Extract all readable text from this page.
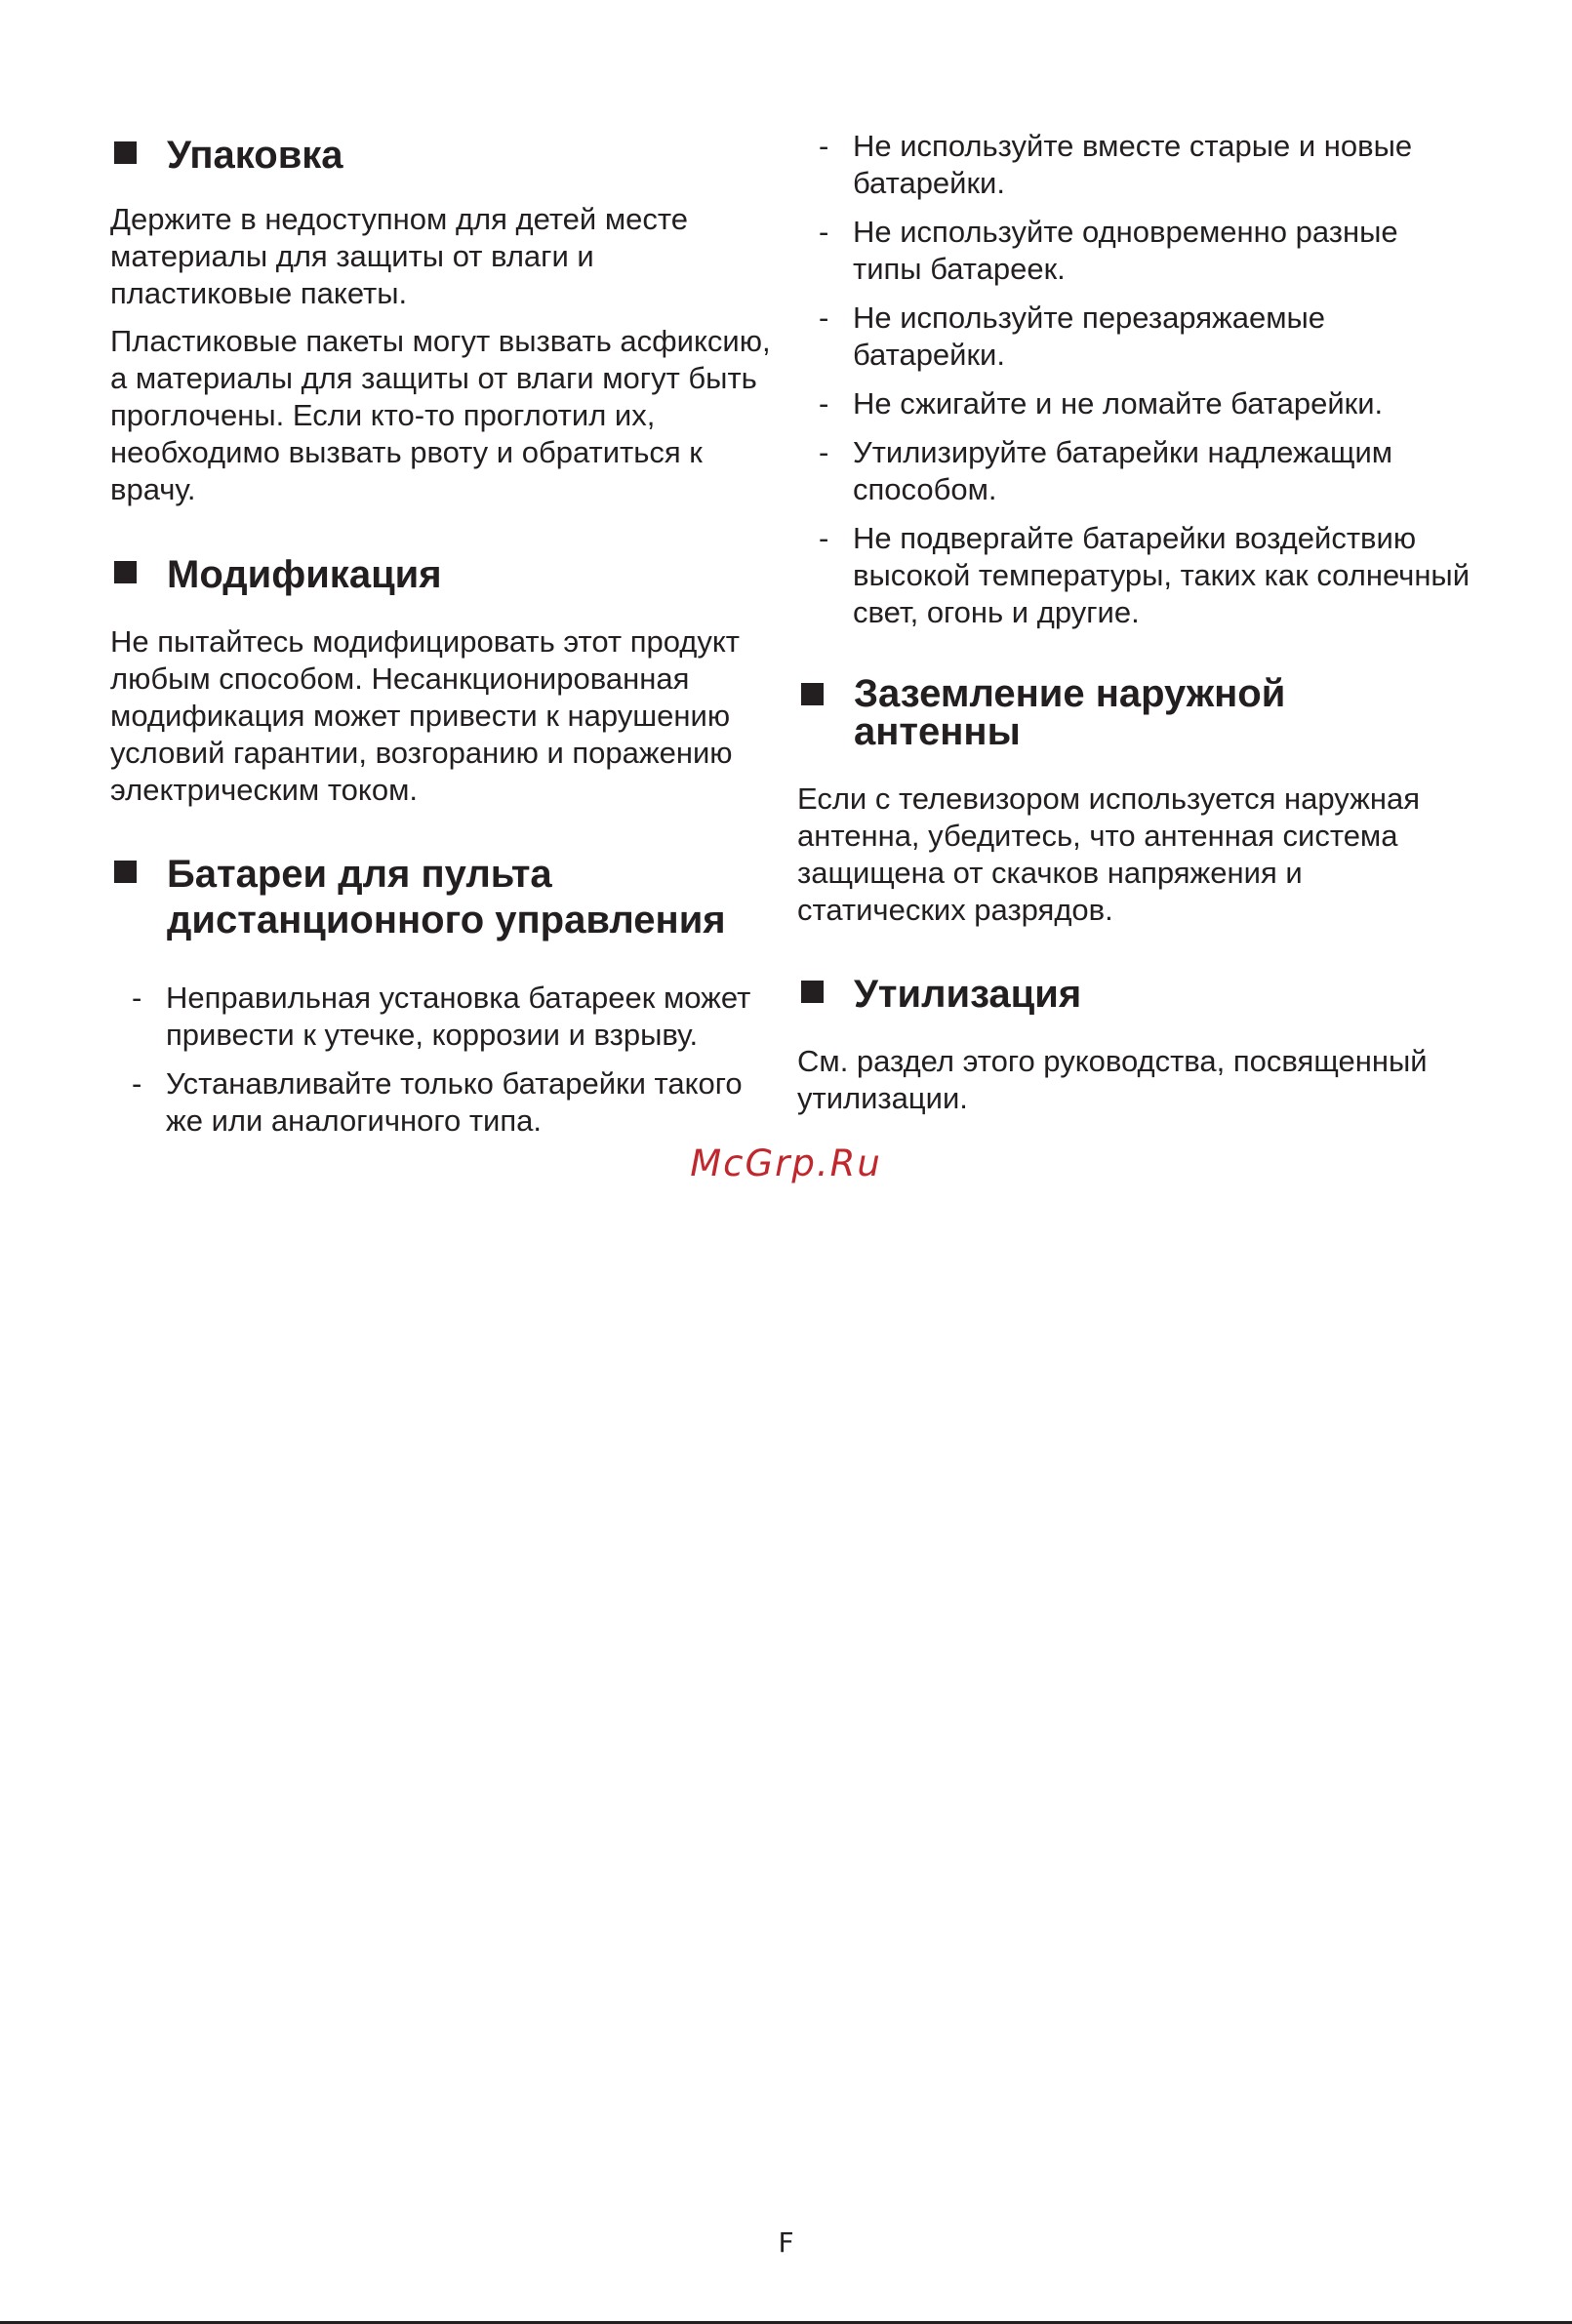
Упаковка

Держите в недоступном для детей месте материалы для защиты от влаги и пластиковые пакеты.

Пластиковые пакеты могут вызвать асфиксию, а материалы для защиты от влаги могут быть проглочены. Если кто-то проглотил их, необходимо вызвать рвоту и обратиться к врачу.

Модификация

Не пытайтесь модифицировать этот продукт любым способом. Несанкционированная модификация может привести к нарушению условий гарантии, возгоранию и поражению электрическим током.

Батареи для пульта
дистанционного управления
- Неправильная установка батареек может привести к утечке, коррозии и взрыву.
- Устанавливайте только батарейки такого же или аналогичного типа.
- Не используйте вместе старые и новые батарейки.
- Не используйте одновременно разные типы батареек.
- Не используйте перезаряжаемые батарейки.
- Не сжигайте и не ломайте батарейки.
- Утилизируйте батарейки надлежащим способом.
- Не подвергайте батарейки воздействию высокой температуры, таких как солнечный свет, огонь и другие.
Заземление наружной
антенны

Если с телевизором используется наружная антенна, убедитесь, что антенная система защищена от скачков напряжения и статических разрядов.

Утилизация

См. раздел этого руководства, посвященный утилизации.

McGrp.Ru
F
